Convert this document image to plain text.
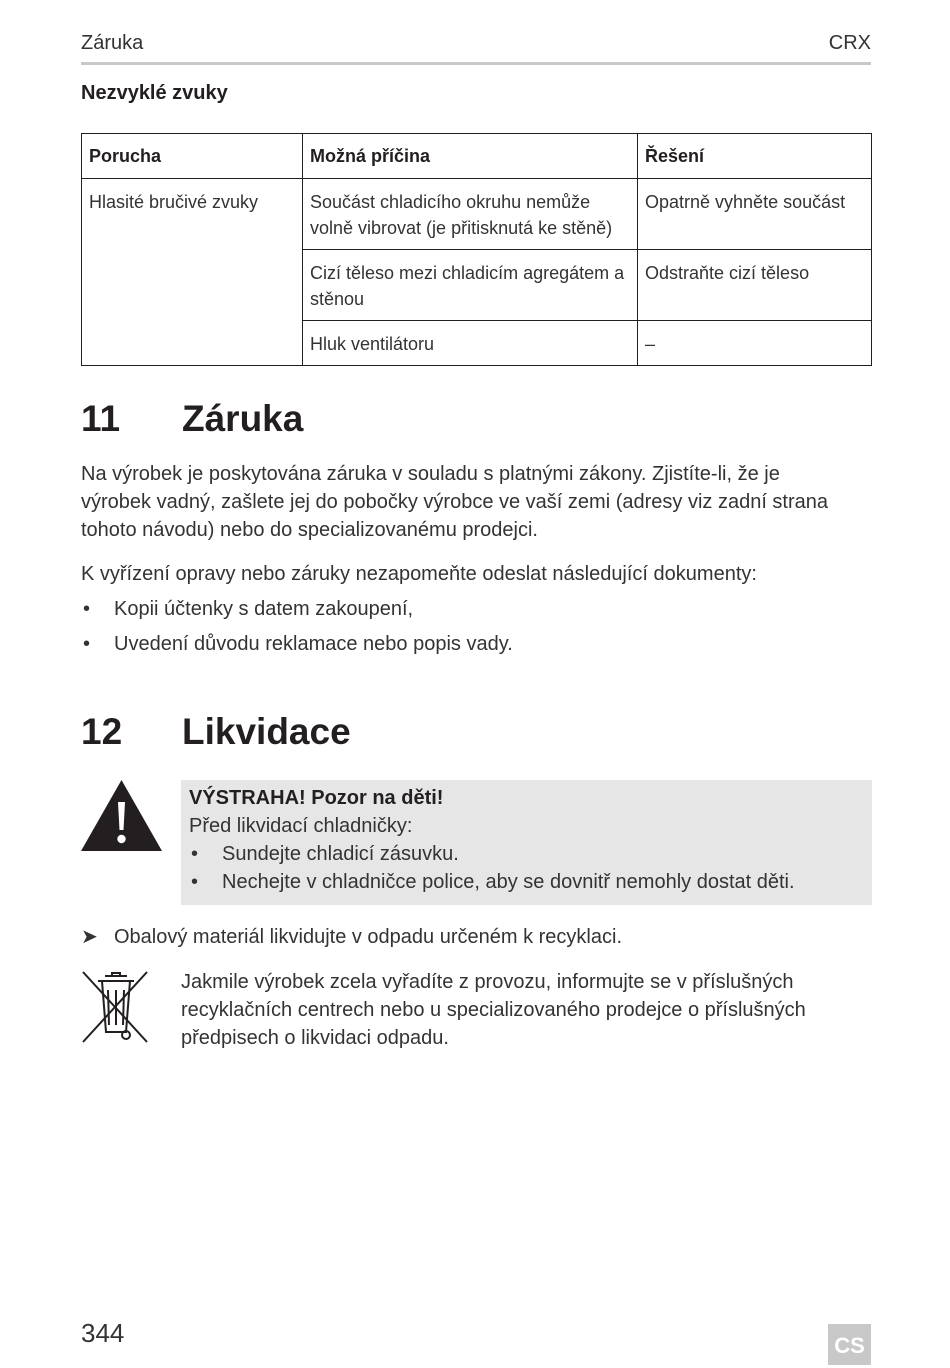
Záruka	CRX
Nezvyklé zvuky
Porucha	Možná příčina	Řešení
Hlasité bručivé zvuky	Součást chladicího okruhu nemůže volně vibrovat (je přitisknutá ke stěně)	Opatrně vyhněte součást
	Cizí těleso mezi chladicím agregátem a stěnou	Odstraňte cizí těleso
	Hluk ventilátoru	–
11 Záruka
Na výrobek je poskytována záruka v souladu s platnými zákony. Zjistíte-li, že je výrobek vadný, zašlete jej do pobočky výrobce ve vaší zemi (adresy viz zadní strana tohoto návodu) nebo do specializovanému prodejci.
K vyřízení opravy nebo záruky nezapomeňte odeslat následující dokumenty:
• Kopii účtenky s datem zakoupení,
• Uvedení důvodu reklamace nebo popis vady.
12 Likvidace
VÝSTRAHA! Pozor na děti!
Před likvidací chladničky:
• Sundejte chladicí zásuvku.
• Nechejte v chladničce police, aby se dovnitř nemohly dostat děti.
➤ Obalový materiál likvidujte v odpadu určeném k recyklaci.
Jakmile výrobek zcela vyřadíte z provozu, informujte se v příslušných recyklačních centrech nebo u specializovaného prodejce o příslušných předpisech o likvidaci odpadu.
344	CS
